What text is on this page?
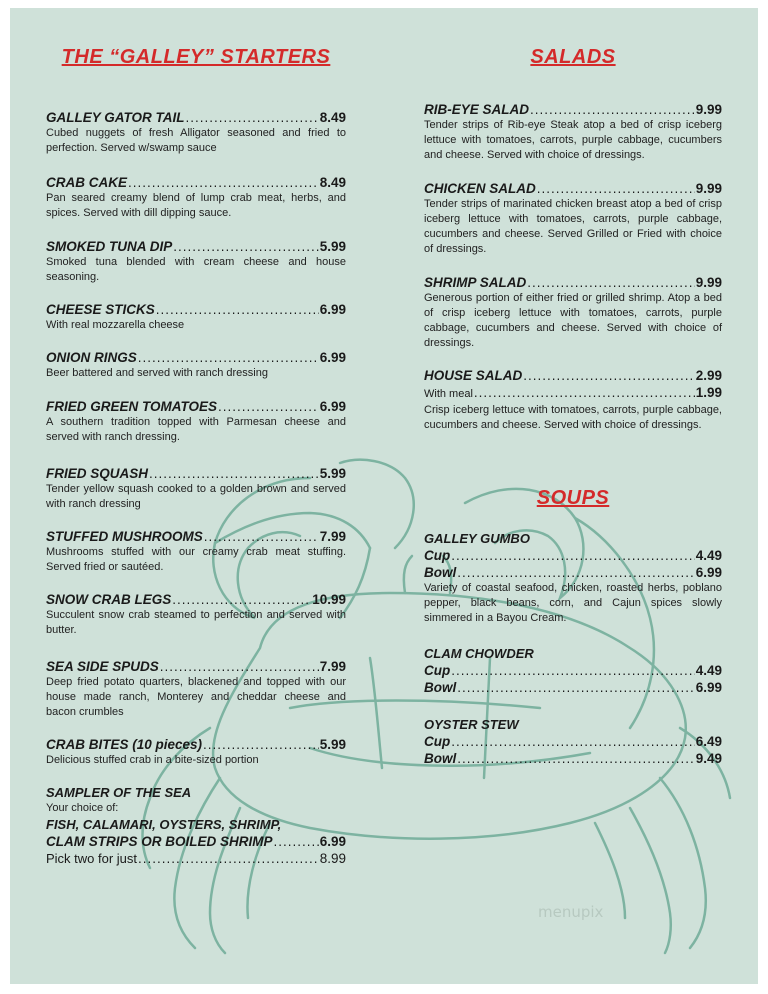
THE “GALLEY” STARTERS
GALLEY GATOR TAIL .....	8.49
Cubed nuggets of fresh Alligator seasoned and fried to perfection. Served w/swamp sauce
CRAB CAKE .....	8.49
Pan seared creamy blend of lump crab meat, herbs, and spices. Served with dill dipping sauce.
SMOKED TUNA DIP .....	5.99
Smoked tuna blended with cream cheese and house seasoning.
CHEESE STICKS .....	6.99
With real mozzarella cheese
ONION RINGS .....	6.99
Beer battered and served with ranch dressing
FRIED GREEN TOMATOES .....	6.99
A southern tradition topped with Parmesan cheese and served with ranch dressing.
FRIED SQUASH .....	5.99
Tender yellow squash cooked to a golden brown and served with ranch dressing
STUFFED MUSHROOMS .....	7.99
Mushrooms stuffed with our creamy crab meat stuffing. Served fried or sautéed.
SNOW CRAB LEGS .....	10.99
Succulent snow crab steamed to perfection and served with butter.
SEA SIDE SPUDS .....	7.99
Deep fried potato quarters, blackened and topped with our house made ranch, Monterey and cheddar cheese and bacon crumbles
CRAB BITES (10 pieces) .....	5.99
Delicious stuffed crab in a bite-sized portion
SAMPLER OF THE SEA
Your choice of:
FISH, CALAMARI, OYSTERS, SHRIMP,
CLAM STRIPS OR BOILED SHRIMP .....	6.99
Pick two for just .....	8.99
SALADS
RIB-EYE SALAD .....	9.99
Tender strips of Rib-eye Steak atop a bed of crisp iceberg lettuce with tomatoes, carrots, purple cabbage, cucumbers and cheese. Served with choice of dressings.
CHICKEN SALAD .....	9.99
Tender strips of marinated chicken breast atop a bed of crisp iceberg lettuce with tomatoes, carrots, purple cabbage, cucumbers and cheese. Served Grilled or Fried with choice of dressings.
SHRIMP SALAD .....	9.99
Generous portion of either fried or grilled shrimp. Atop a bed of crisp iceberg lettuce with tomatoes, carrots, purple cabbage, cucumbers and cheese. Served with choice of dressings.
HOUSE SALAD .....	2.99
With meal .....	1.99
Crisp iceberg lettuce with tomatoes, carrots, purple cabbage, cucumbers and cheese. Served with choice of dressings.
SOUPS
GALLEY GUMBO
Cup .....	4.49
Bowl .....	6.99
Variety of coastal seafood, chicken, roasted herbs, poblano pepper, black beans, corn, and Cajun spices slowly simmered in a Bayou Cream.
CLAM CHOWDER
Cup .....	4.49
Bowl .....	6.99
OYSTER STEW
Cup .....	6.49
Bowl .....	9.49
menupix
